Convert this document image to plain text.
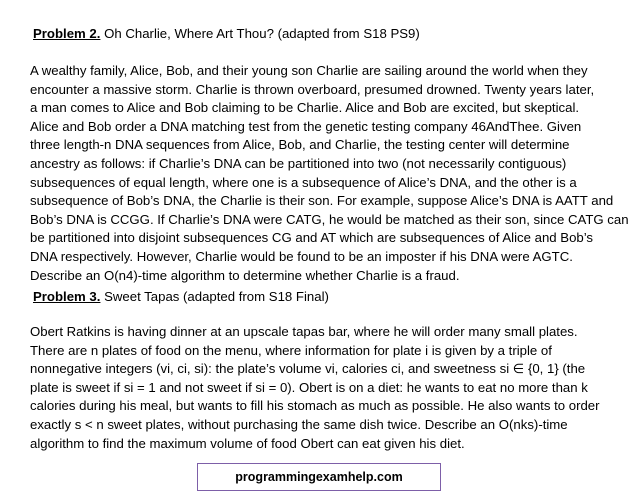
Problem 2. Oh Charlie, Where Art Thou? (adapted from S18 PS9)
A wealthy family, Alice, Bob, and their young son Charlie are sailing around the world when they
encounter a massive storm. Charlie is thrown overboard, presumed drowned. Twenty years later,
a man comes to Alice and Bob claiming to be Charlie. Alice and Bob are excited, but skeptical.
Alice and Bob order a DNA matching test from the genetic testing company 46AndThee. Given
three length-n DNA sequences from Alice, Bob, and Charlie, the testing center will determine
ancestry as follows: if Charlie’s DNA can be partitioned into two (not necessarily contiguous)
subsequences of equal length, where one is a subsequence of Alice’s DNA, and the other is a
subsequence of Bob’s DNA, the Charlie is their son. For example, suppose Alice’s DNA is AATT and
Bob’s DNA is CCGG. If Charlie’s DNA were CATG, he would be matched as their son, since CATG can
be partitioned into disjoint subsequences CG and AT which are subsequences of Alice and Bob’s
DNA respectively. However, Charlie would be found to be an imposter if his DNA were AGTC.
Describe an O(n4)-time algorithm to determine whether Charlie is a fraud.
Problem 3. Sweet Tapas (adapted from S18 Final)
Obert Ratkins is having dinner at an upscale tapas bar, where he will order many small plates.
There are n plates of food on the menu, where information for plate i is given by a triple of
nonnegative integers (vi, ci, si): the plate’s volume vi, calories ci, and sweetness si ∈ {0, 1} (the
plate is sweet if si = 1 and not sweet if si = 0). Obert is on a diet: he wants to eat no more than k
calories during his meal, but wants to fill his stomach as much as possible. He also wants to order
exactly s < n sweet plates, without purchasing the same dish twice. Describe an O(nks)-time
algorithm to find the maximum volume of food Obert can eat given his diet.
programmingexamhelp.com
